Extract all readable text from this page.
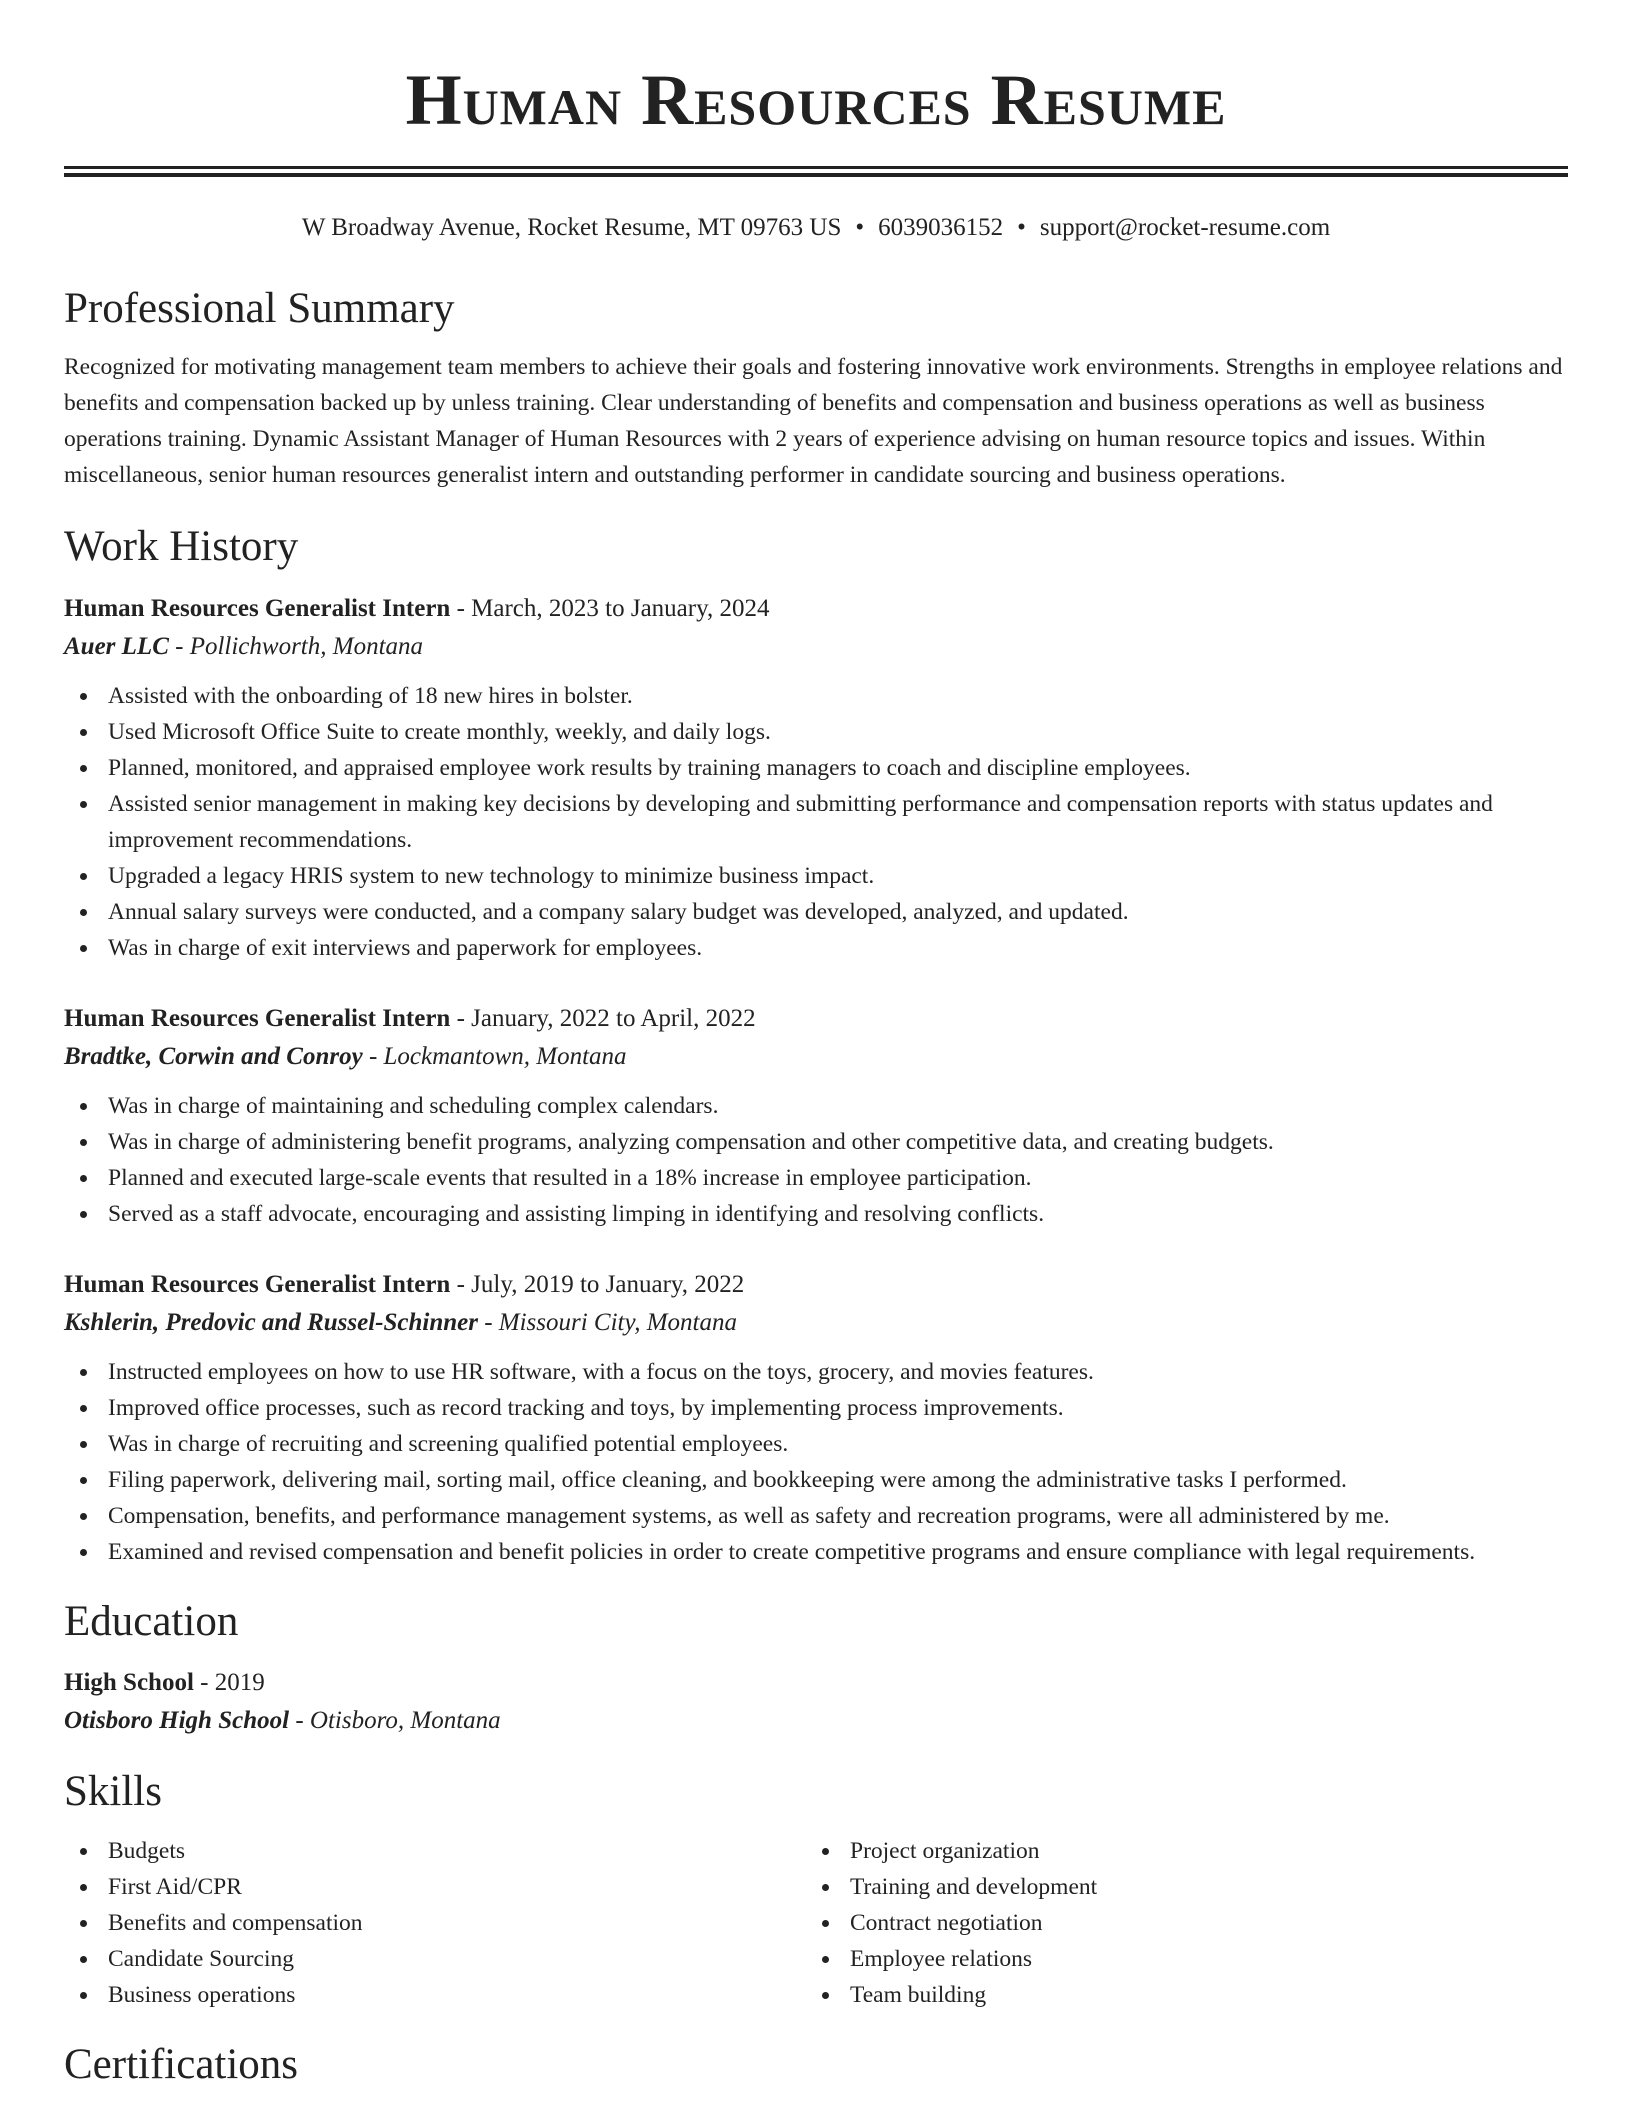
Human Resources Resume
W Broadway Avenue, Rocket Resume, MT 09763 US • 6039036152 • support@rocket-resume.com
Professional Summary

Recognized for motivating management team members to achieve their goals and fostering innovative work environments. Strengths in employee relations and benefits and compensation backed up by unless training. Clear understanding of benefits and compensation and business operations as well as business operations training. Dynamic Assistant Manager of Human Resources with 2 years of experience advising on human resource topics and issues. Within miscellaneous, senior human resources generalist intern and outstanding performer in candidate sourcing and business operations.

Work History
Human Resources Generalist Intern - March, 2023 to January, 2024
Auer LLC - Pollichworth, Montana
Assisted with the onboarding of 18 new hires in bolster.
Used Microsoft Office Suite to create monthly, weekly, and daily logs.
Planned, monitored, and appraised employee work results by training managers to coach and discipline employees.
Assisted senior management in making key decisions by developing and submitting performance and compensation reports with status updates and improvement recommendations.
Upgraded a legacy HRIS system to new technology to minimize business impact.
Annual salary surveys were conducted, and a company salary budget was developed, analyzed, and updated.
Was in charge of exit interviews and paperwork for employees.
Human Resources Generalist Intern - January, 2022 to April, 2022
Bradtke, Corwin and Conroy - Lockmantown, Montana
Was in charge of maintaining and scheduling complex calendars.
Was in charge of administering benefit programs, analyzing compensation and other competitive data, and creating budgets.
Planned and executed large-scale events that resulted in a 18% increase in employee participation.
Served as a staff advocate, encouraging and assisting limping in identifying and resolving conflicts.
Human Resources Generalist Intern - July, 2019 to January, 2022
Kshlerin, Predovic and Russel-Schinner - Missouri City, Montana
Instructed employees on how to use HR software, with a focus on the toys, grocery, and movies features.
Improved office processes, such as record tracking and toys, by implementing process improvements.
Was in charge of recruiting and screening qualified potential employees.
Filing paperwork, delivering mail, sorting mail, office cleaning, and bookkeeping were among the administrative tasks I performed.
Compensation, benefits, and performance management systems, as well as safety and recreation programs, were all administered by me.
Examined and revised compensation and benefit policies in order to create competitive programs and ensure compliance with legal requirements.
Education
High School - 2019
Otisboro High School - Otisboro, Montana
Skills
Budgets
First Aid/CPR
Benefits and compensation
Candidate Sourcing
Business operations
Project organization
Training and development
Contract negotiation
Employee relations
Team building
Certifications
